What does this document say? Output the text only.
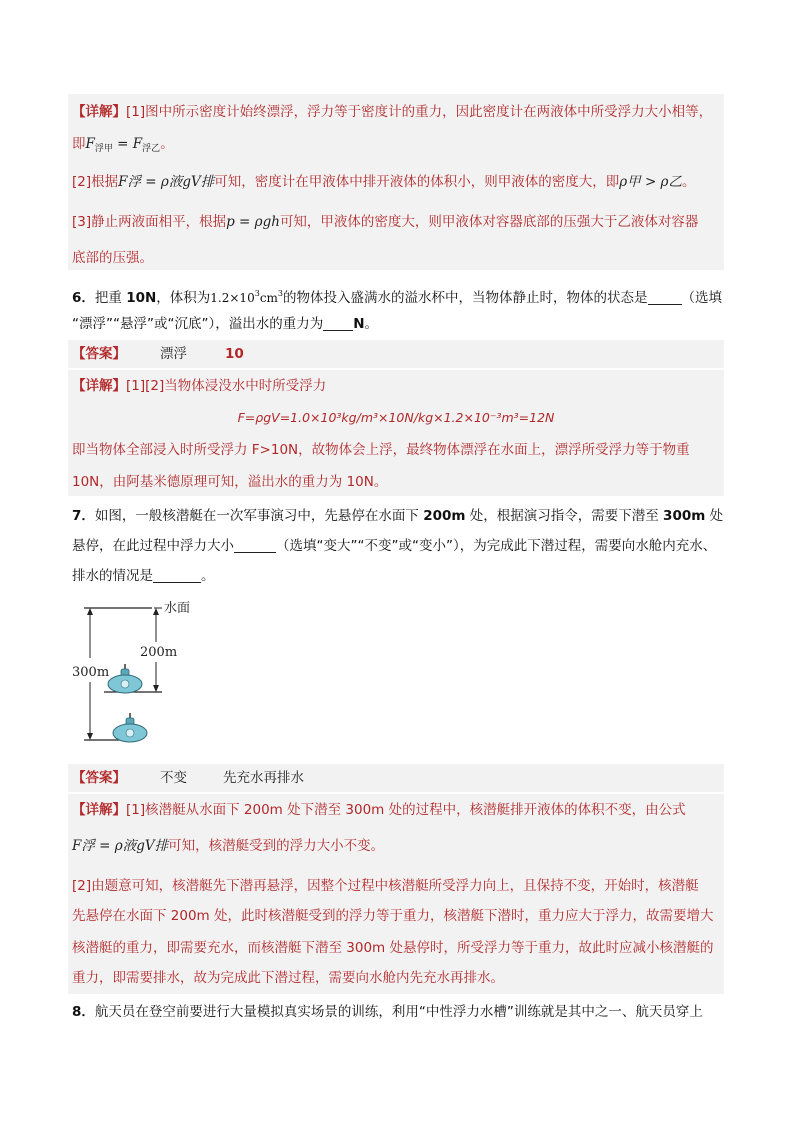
【详解】[1]图中所示密度计始终漂浮，浮力等于密度计的重力，因此密度计在两液体中所受浮力大小相等，
即$F_{浮甲} = F_{浮乙}$。
[2]根据F浮 = ρ液gV排可知，密度计在甲液体中排开液体的体积小，则甲液体的密度大，即ρ甲 > ρ乙。
[3]静止两液面相平，根据p = ρgh可知，甲液体的密度大，则甲液体对容器底部的压强大于乙液体对容器
底部的压强。
6．把重 10N，体积为$1.2\times 10^3cm^3$的物体投入盛满水的溢水杯中，当物体静止时，物体的状态是	（选填
“漂浮”“悬浮”或“沉底”），溢出水的重力为 N。
【答案】	漂浮	10
【详解】[1][2]当物体浸没水中时所受浮力
F=ρgV=1.0×10³kg/m³×10N/kg×1.2×10⁻³m³=12N
即当物体全部浸入时所受浮力 F>10N，故物体会上浮，最终物体漂浮在水面上，漂浮所受浮力等于物重
10N，由阿基米德原理可知，溢出水的重力为 10N。
7．如图，一般核潜艇在一次军事演习中，先悬停在水面下 200m 处，根据演习指令，需要下潜至 300m 处
悬停，在此过程中浮力大小	（选填“变大”“不变”或“变小”），为完成此下潜过程，需要向水舱内充水、
排水的情况是	。
水面
200m
300m
【答案】	不变	先充水再排水
【详解】[1]核潜艇从水面下 200m 处下潜至 300m 处的过程中，核潜艇排开液体的体积不变，由公式
F浮 = ρ液gV排可知，核潜艇受到的浮力大小不变。
[2]由题意可知，核潜艇先下潜再悬浮，因整个过程中核潜艇所受浮力向上，且保持不变，开始时，核潜艇
先悬停在水面下 200m 处，此时核潜艇受到的浮力等于重力，核潜艇下潜时，重力应大于浮力，故需要增大
核潜艇的重力，即需要充水，而核潜艇下潜至 300m 处悬停时，所受浮力等于重力，故此时应减小核潜艇的
重力，即需要排水，故为完成此下潜过程，需要向水舱内先充水再排水。
8．航天员在登空前要进行大量模拟真实场景的训练，利用“中性浮力水槽”训练就是其中之一、航天员穿上
